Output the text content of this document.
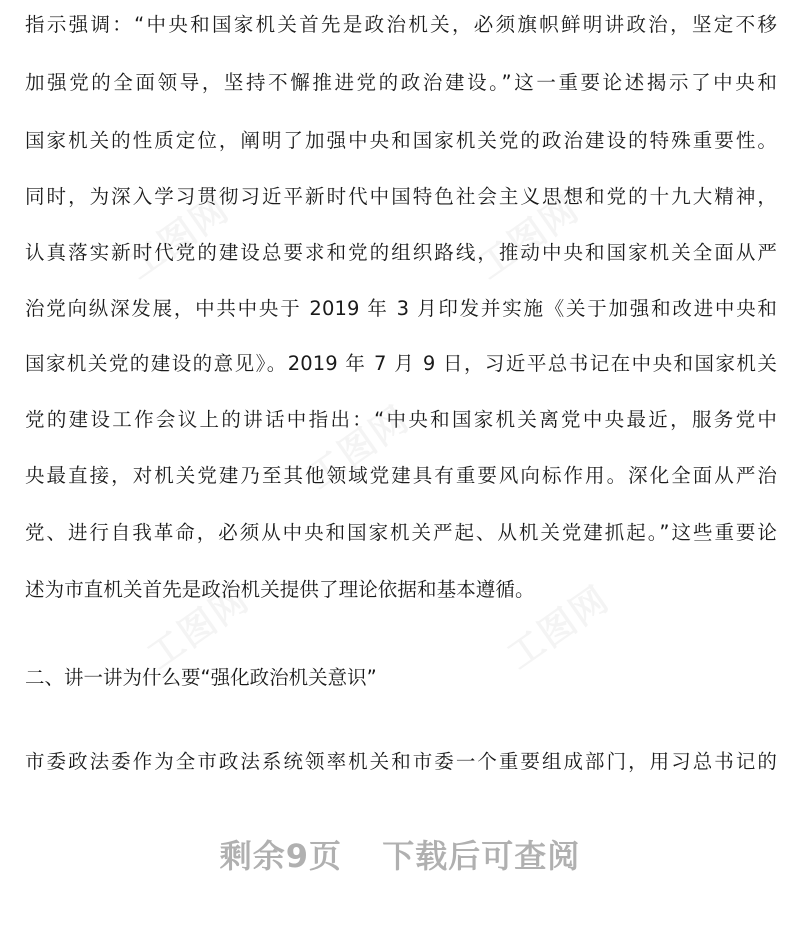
工图网	工图网
工图网
工图网	工图网
指示强调：“中央和国家机关首先是政治机关，必须旗帜鲜明讲政治，坚定不移
加强党的全面领导，坚持不懈推进党的政治建设。”这一重要论述揭示了中央和
国家机关的性质定位，阐明了加强中央和国家机关党的政治建设的特殊重要性。
同时，为深入学习贯彻习近平新时代中国特色社会主义思想和党的十九大精神，
认真落实新时代党的建设总要求和党的组织路线，推动中央和国家机关全面从严
治党向纵深发展，中共中央于 2019 年 3 月印发并实施《关于加强和改进中央和
国家机关党的建设的意见》。2019 年 7 月 9 日，习近平总书记在中央和国家机关
党的建设工作会议上的讲话中指出：“中央和国家机关离党中央最近，服务党中
央最直接，对机关党建乃至其他领域党建具有重要风向标作用。深化全面从严治
党、进行自我革命，必须从中央和国家机关严起、从机关党建抓起。”这些重要论
述为市直机关首先是政治机关提供了理论依据和基本遵循。
二、讲一讲为什么要“强化政治机关意识”
市委政法委作为全市政法系统领率机关和市委一个重要组成部门，用习总书记的
剩余9页 下载后可查阅
